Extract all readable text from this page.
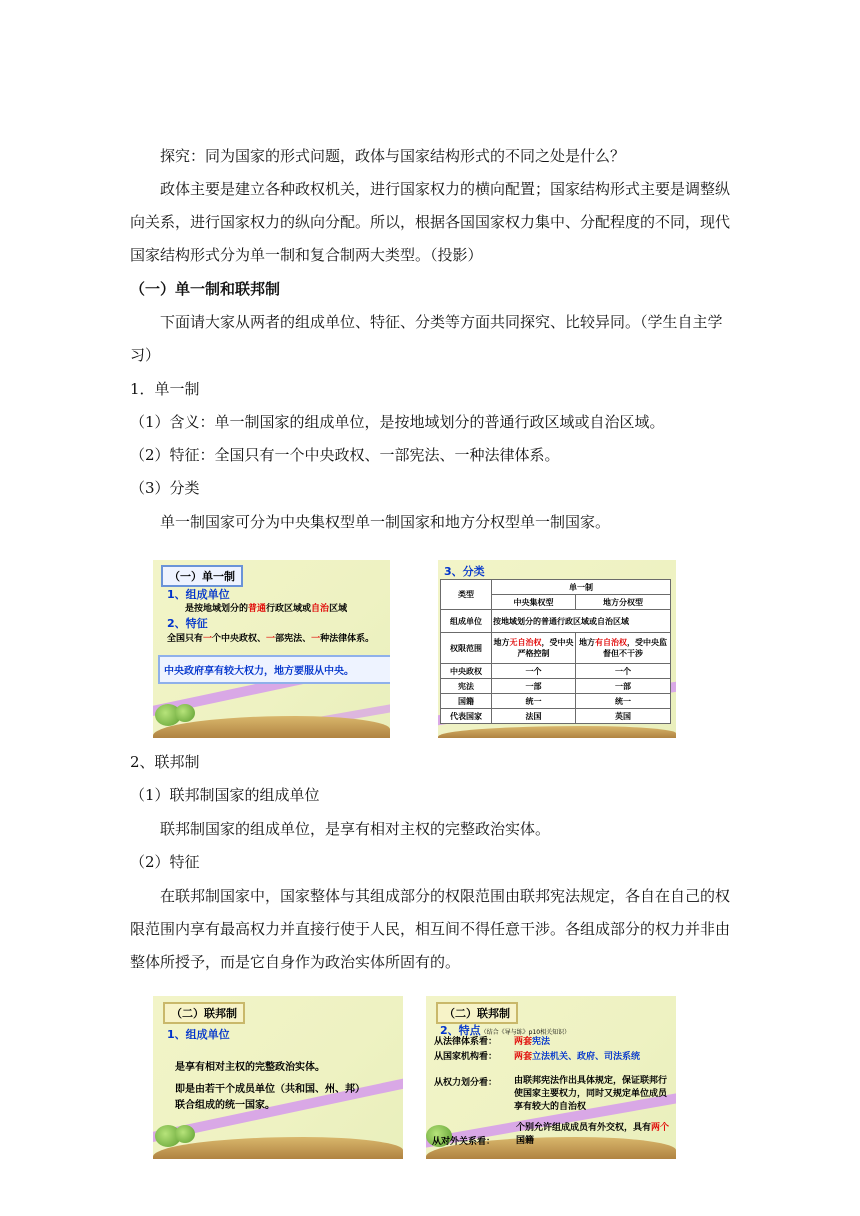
探究：同为国家的形式问题，政体与国家结构形式的不同之处是什么？
政体主要是建立各种政权机关，进行国家权力的横向配置；国家结构形式主要是调整纵向关系，进行国家权力的纵向分配。所以，根据各国国家权力集中、分配程度的不同，现代国家结构形式分为单一制和复合制两大类型。（投影）
（一）单一制和联邦制
下面请大家从两者的组成单位、特征、分类等方面共同探究、比较异同。（学生自主学习）
1．单一制
（1）含义：单一制国家的组成单位，是按地域划分的普通行政区域或自治区域。
（2）特征：全国只有一个中央政权、一部宪法、一种法律体系。
（3）分类
单一制国家可分为中央集权型单一制国家和地方分权型单一制国家。
（一）单一制
1、组成单位
是按地域划分的普通行政区域或自治区域
2、特征
全国只有一个中央政权、一部宪法、一种法律体系。
中央政府享有较大权力，地方要服从中央。
3、分类
类型	单一制	
	中央集权型	地方分权型
组成单位	按地域划分的普通行政区域或自治区域	
权限范围	地方无自治权，受中央严格控制	地方有自治权，受中央监督但不干涉
中央政权	一个	一个
宪法	一部	一部
国籍	统一	统一
代表国家	法国	英国
2、联邦制
（1）联邦制国家的组成单位
联邦制国家的组成单位，是享有相对主权的完整政治实体。
（2）特征
在联邦制国家中，国家整体与其组成部分的权限范围由联邦宪法规定，各自在自己的权限范围内享有最高权力并直接行使于人民，相互间不得任意干涉。各组成部分的权力并非由整体所授予，而是它自身作为政治实体所固有的。
（二）联邦制
1、组成单位
是享有相对主权的完整政治实体。
即是由若干个成员单位（共和国、州、邦）联合组成的统一国家。
（二）联邦制
2、特点（结合《导与练》p10相关知识）
从法律体系看： 两套宪法
从国家机构看： 两套立法机关、政府、司法系统
从权力划分看： 由联邦宪法作出具体规定，保证联邦行使国家主要权力，同时又规定单位成员享有较大的自治权
从对外关系看：
个别允许组成成员有外交权，具有两个国籍
